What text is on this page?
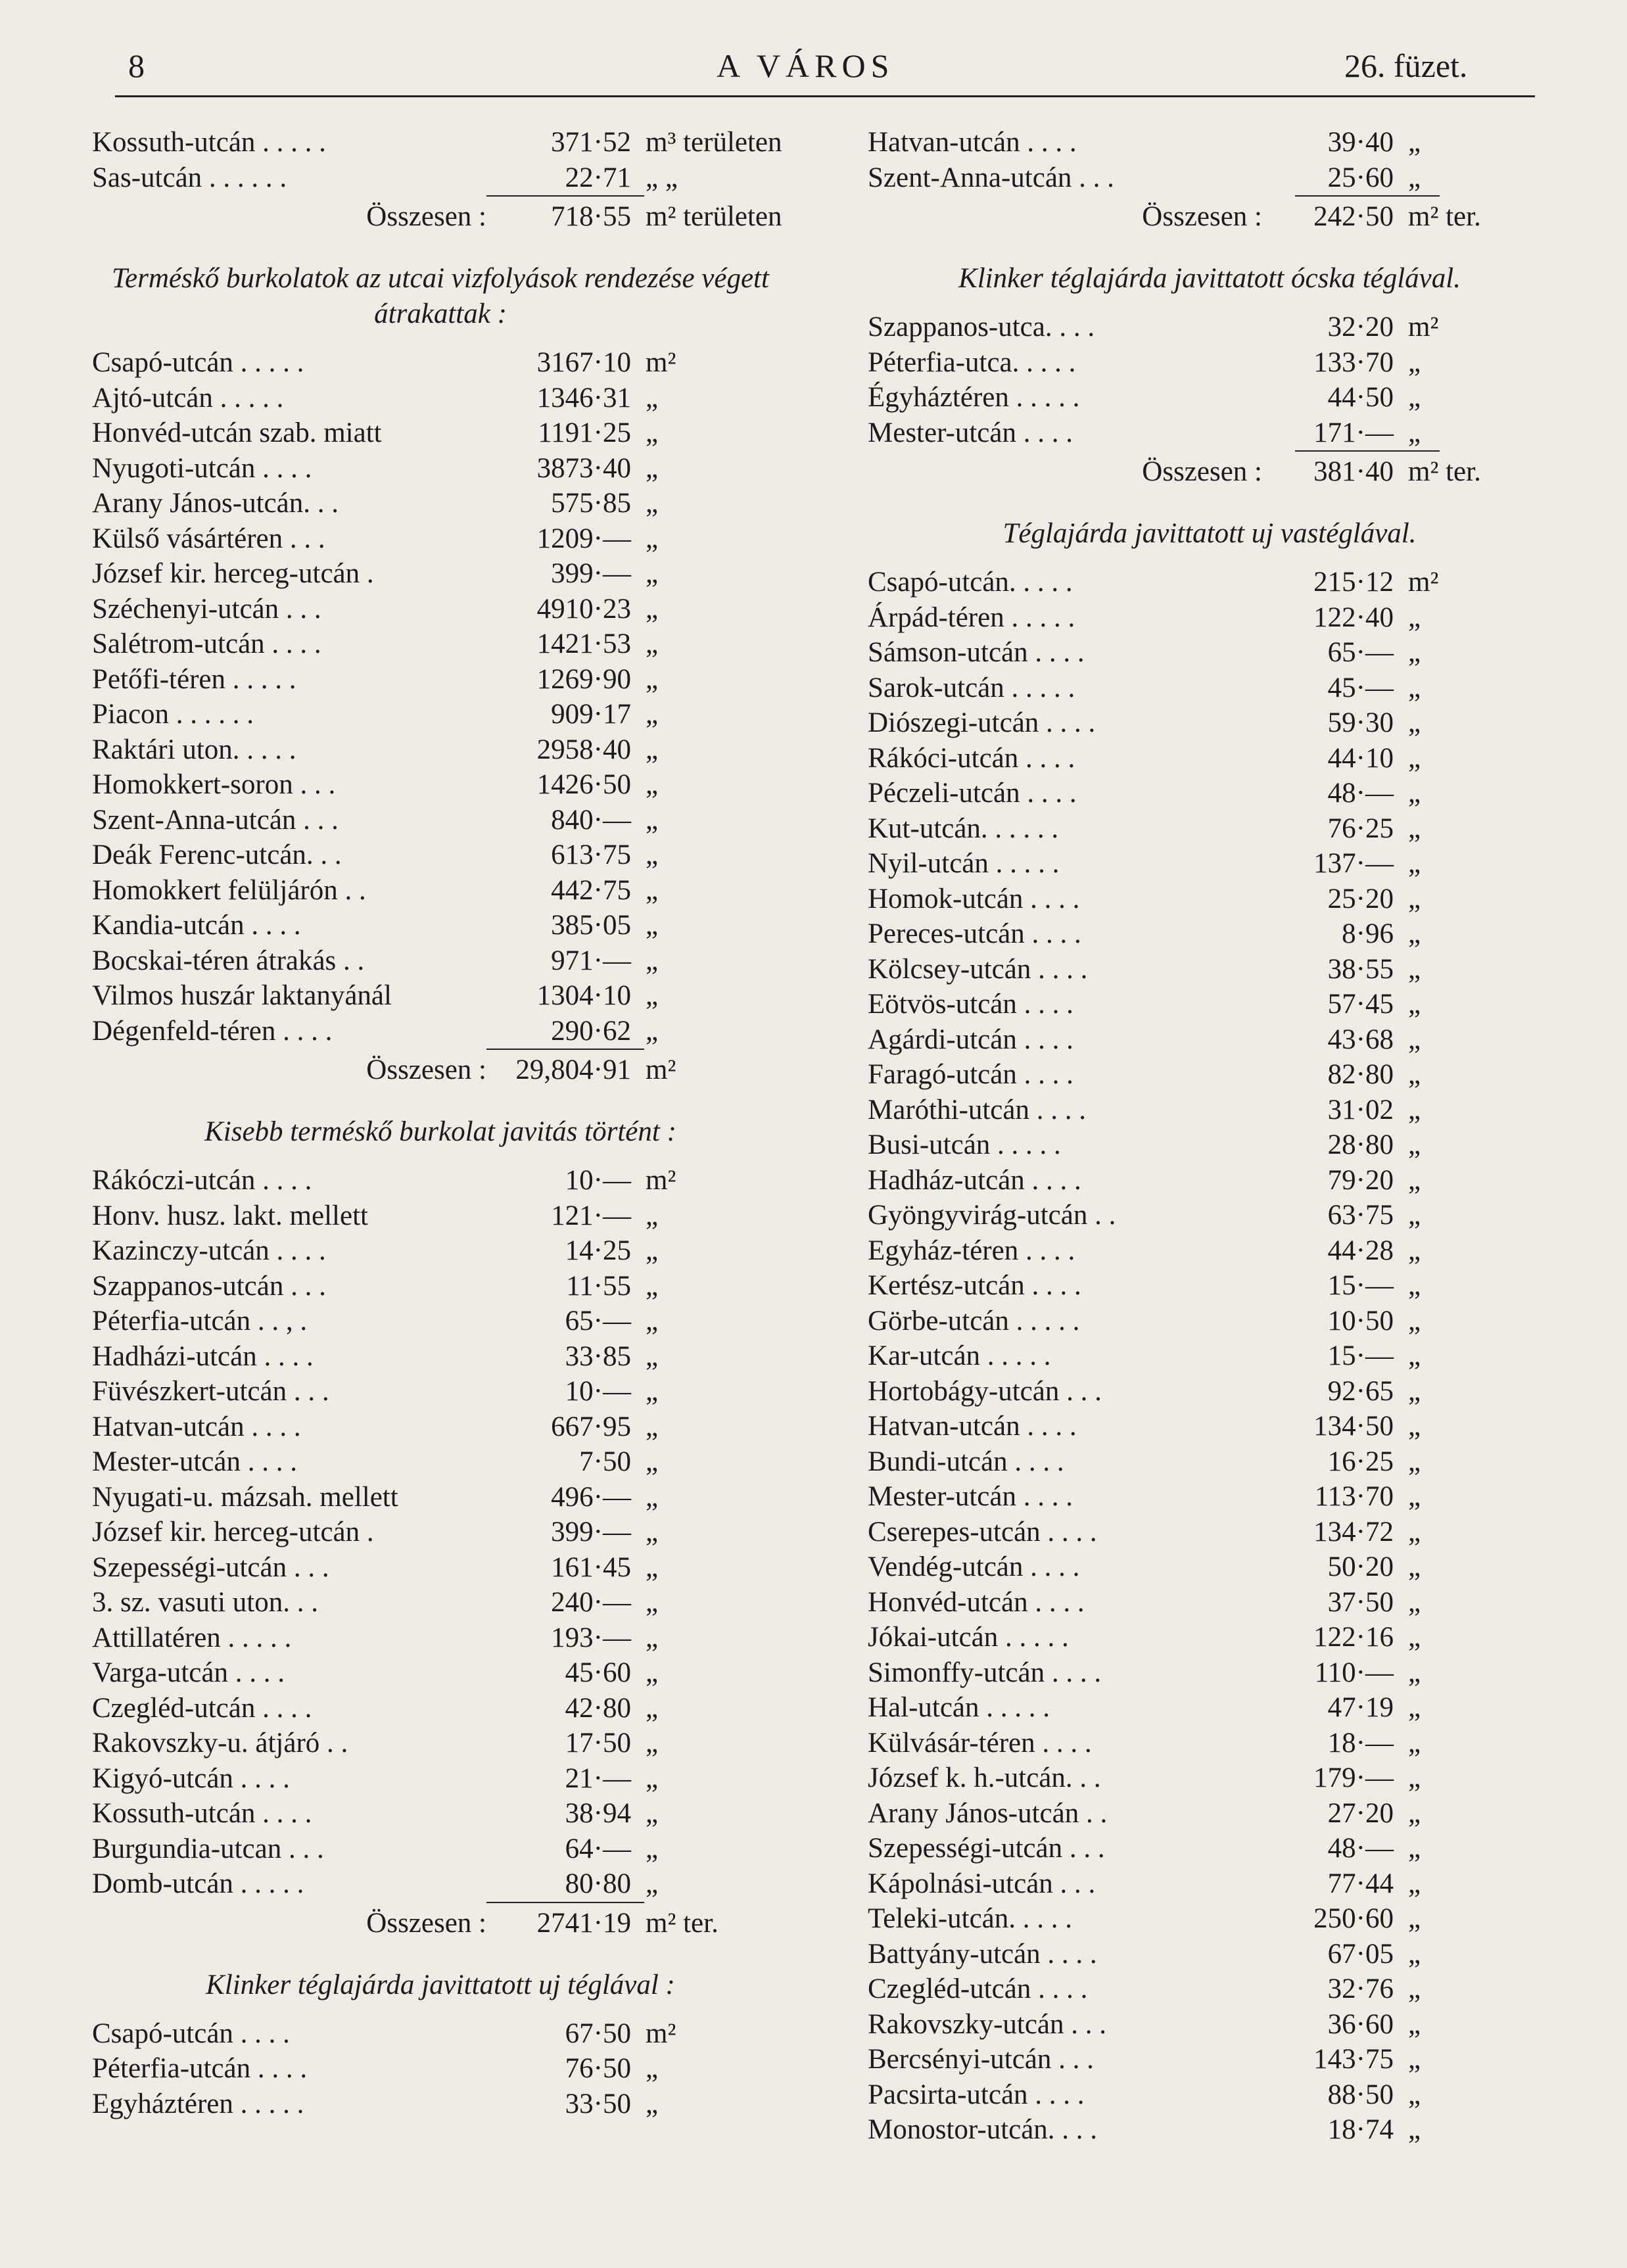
8	A VÁROS	26. füzet.
Kossuth-utcán . . . . .	371·52 m³ területen
Sas-utcán . . . . . .	22·71 „ „
Összesen :	718·55 m² területen
Terméskő burkolatok az utcai vizfolyások rendezése végett átrakattak :
Csapó-utcán . . . . .	3167·10 m²
Ajtó-utcán . . . . .	1346·31 „
Honvéd-utcán szab. miatt	1191·25 „
Nyugoti-utcán . . . .	3873·40 „
Arany János-utcán. . .	575·85 „
Külső vásártéren . . .	1209·— „
József kir. herceg-utcán .	399·— „
Széchenyi-utcán . . .	4910·23 „
Salétrom-utcán . . . .	1421·53 „
Petőfi-téren . . . . .	1269·90 „
Piacon . . . . . .	909·17 „
Raktári uton. . . . .	2958·40 „
Homokkert-soron . . .	1426·50 „
Szent-Anna-utcán . . .	840·— „
Deák Ferenc-utcán. . .	613·75 „
Homokkert felüljárón . .	442·75 „
Kandia-utcán . . . .	385·05 „
Bocskai-téren átrakás . .	971·— „
Vilmos huszár laktanyánál	1304·10 „
Dégenfeld-téren . . . .	290·62 „
Összesen :	29,804·91 m²
Kisebb terméskő burkolat javitás történt :
Rákóczi-utcán . . . .	10·— m²
Honv. husz. lakt. mellett	121·— „
Kazinczy-utcán . . . .	14·25 „
Szappanos-utcán . . .	11·55 „
Péterfia-utcán . . , .	65·— „
Hadházi-utcán . . . .	33·85 „
Füvészkert-utcán . . .	10·— „
Hatvan-utcán . . . .	667·95 „
Mester-utcán . . . .	7·50 „
Nyugati-u. mázsah. mellett	496·— „
József kir. herceg-utcán .	399·— „
Szepességi-utcán . . .	161·45 „
3. sz. vasuti uton. . .	240·— „
Attillatéren . . . . .	193·— „
Varga-utcán . . . .	45·60 „
Czegléd-utcán . . . .	42·80 „
Rakovszky-u. átjáró . .	17·50 „
Kigyó-utcán . . . .	21·— „
Kossuth-utcán . . . .	38·94 „
Burgundia-utcan . . .	64·— „
Domb-utcán . . . . .	80·80 „
Összesen :	2741·19 m² ter.
Klinker téglajárda javittatott uj téglával :
Csapó-utcán . . . .	67·50 m²
Péterfia-utcán . . . .	76·50 „
Egyháztéren . . . . .	33·50 „
Hatvan-utcán . . . .	39·40 „
Szent-Anna-utcán . . .	25·60 „
Összesen :	242·50 m² ter.
Klinker téglajárda javittatott ócska téglával.
Szappanos-utca. . . .	32·20 m²
Péterfia-utca. . . . .	133·70 „
Égyháztéren . . . . .	44·50 „
Mester-utcán . . . .	171·— „
Összesen :	381·40 m² ter.
Téglajárda javittatott uj vastéglával.
Csapó-utcán. . . . .	215·12 m²
Árpád-téren . . . . .	122·40 „
Sámson-utcán . . . .	65·— „
Sarok-utcán . . . . .	45·— „
Diószegi-utcán . . . .	59·30 „
Rákóci-utcán . . . .	44·10 „
Péczeli-utcán . . . .	48·— „
Kut-utcán. . . . . .	76·25 „
Nyil-utcán . . . . .	137·— „
Homok-utcán . . . .	25·20 „
Pereces-utcán . . . .	8·96 „
Kölcsey-utcán . . . .	38·55 „
Eötvös-utcán . . . .	57·45 „
Agárdi-utcán . . . .	43·68 „
Faragó-utcán . . . .	82·80 „
Maróthi-utcán . . . .	31·02 „
Busi-utcán . . . . .	28·80 „
Hadház-utcán . . . .	79·20 „
Gyöngyvirág-utcán . .	63·75 „
Egyház-téren . . . .	44·28 „
Kertész-utcán . . . .	15·— „
Görbe-utcán . . . . .	10·50 „
Kar-utcán . . . . .	15·— „
Hortobágy-utcán . . .	92·65 „
Hatvan-utcán . . . .	134·50 „
Bundi-utcán . . . .	16·25 „
Mester-utcán . . . .	113·70 „
Cserepes-utcán . . . .	134·72 „
Vendég-utcán . . . .	50·20 „
Honvéd-utcán . . . .	37·50 „
Jókai-utcán . . . . .	122·16 „
Simonffy-utcán . . . .	110·— „
Hal-utcán . . . . .	47·19 „
Külvásár-téren . . . .	18·— „
József k. h.-utcán. . .	179·— „
Arany János-utcán . .	27·20 „
Szepességi-utcán . . .	48·— „
Kápolnási-utcán . . .	77·44 „
Teleki-utcán. . . . .	250·60 „
Battyány-utcán . . . .	67·05 „
Czegléd-utcán . . . .	32·76 „
Rakovszky-utcán . . .	36·60 „
Bercsényi-utcán . . .	143·75 „
Pacsirta-utcán . . . .	88·50 „
Monostor-utcán. . . .	18·74 „
